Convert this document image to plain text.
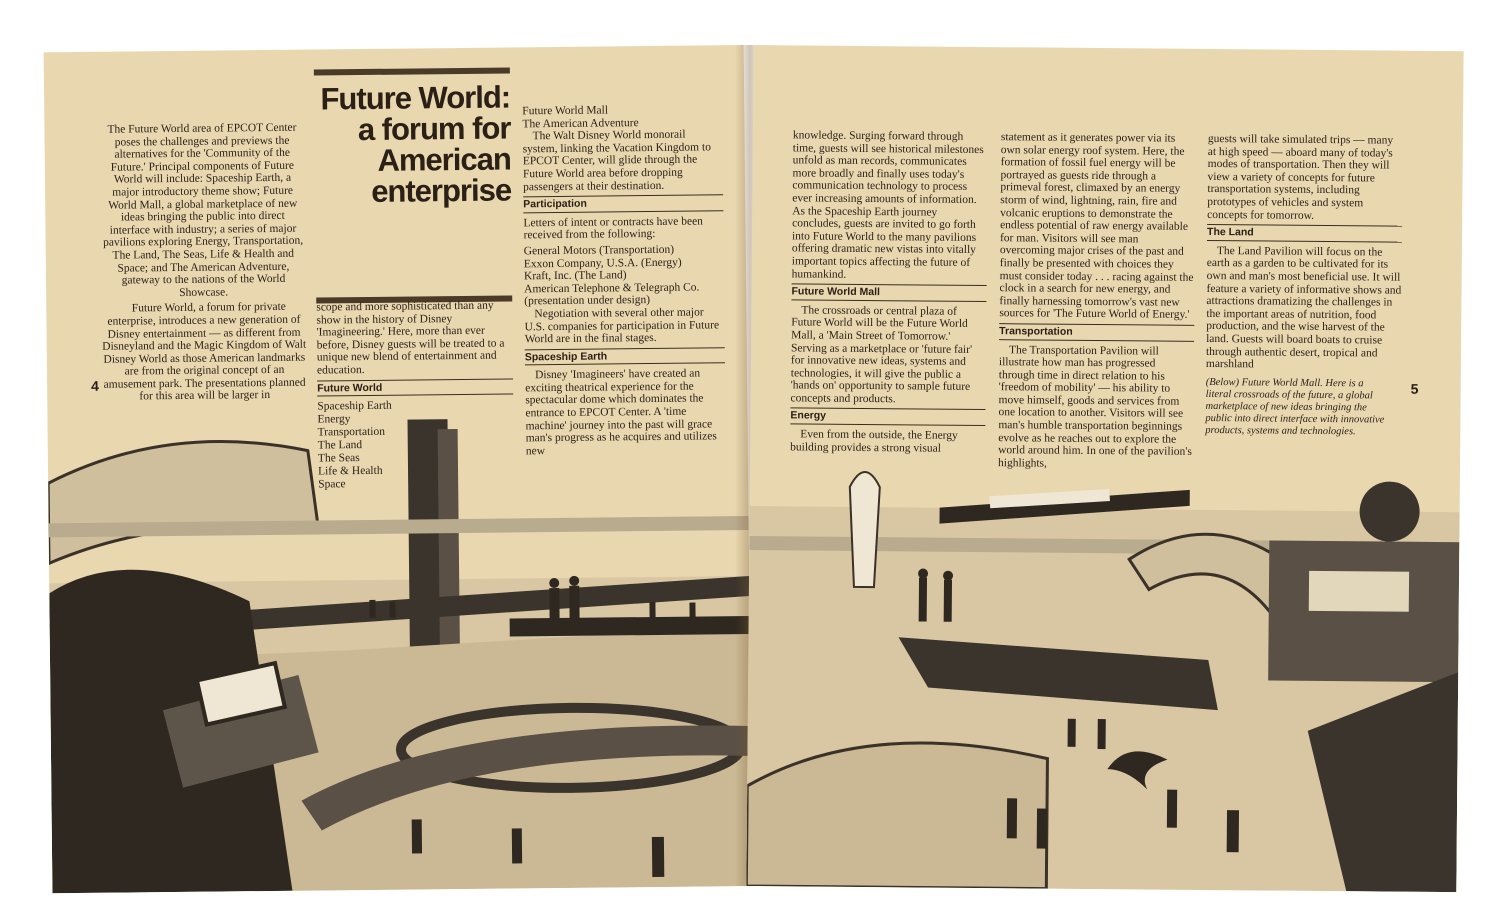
The Future World area of EPCOT Center poses the challenges and previews the alternatives for the 'Community of the Future.' Principal components of Future World will include: Spaceship Earth, a major introductory theme show; Future World Mall, a global marketplace of new ideas bringing the public into direct interface with industry; a series of major pavilions exploring Energy, Transportation, The Land, The Seas, Life & Health and Space; and The American Adventure, gateway to the nations of the World Showcase.

Future World, a forum for private enterprise, introduces a new generation of Disney entertainment — as different from Disneyland and the Magic Kingdom of Walt Disney World as those American landmarks are from the original concept of an amusement park. The presentations planned for this area will be larger in

Future World: a forum for American enterprise

scope and more sophisticated than any show in the history of Disney 'Imagineering.' Here, more than ever before, Disney guests will be treated to a unique new blend of entertainment and education.

Future World
Spaceship Earth
Energy
Transportation
The Land
The Seas
Life & Health
Space
Future World Mall
The American Adventure

The Walt Disney World monorail system, linking the Vacation Kingdom to EPCOT Center, will glide through the Future World area before dropping passengers at their destination.

Participation

Letters of intent or contracts have been received from the following:

General Motors (Transportation)
Exxon Company, U.S.A. (Energy)
Kraft, Inc. (The Land)
American Telephone & Telegraph Co. (presentation under design)

Negotiation with several other major U.S. companies for participation in Future World are in the final stages.

Spaceship Earth

Disney 'Imagineers' have created an exciting theatrical experience for the spectacular dome which dominates the entrance to EPCOT Center. A 'time machine' journey into the past will grace man's progress as he acquires and utilizes new

4

knowledge. Surging forward through time, guests will see historical milestones unfold as man records, communicates more broadly and finally uses today's communication technology to process ever increasing amounts of information. As the Spaceship Earth journey concludes, guests are invited to go forth into Future World to the many pavilions offering dramatic new vistas into vitally important topics affecting the future of humankind.

Future World Mall

The crossroads or central plaza of Future World will be the Future World Mall, a 'Main Street of Tomorrow.' Serving as a marketplace or 'future fair' for innovative new ideas, systems and technologies, it will give the public a 'hands on' opportunity to sample future concepts and products.

Energy

Even from the outside, the Energy building provides a strong visual

statement as it generates power via its own solar energy roof system. Here, the formation of fossil fuel energy will be portrayed as guests ride through a primeval forest, climaxed by an energy storm of wind, lightning, rain, fire and volcanic eruptions to demonstrate the endless potential of raw energy available for man. Visitors will see man overcoming major crises of the past and finally be presented with choices they must consider today . . . racing against the clock in a search for new energy, and finally harnessing tomorrow's vast new sources for 'The Future World of Energy.'

Transportation

The Transportation Pavilion will illustrate how man has progressed through time in direct relation to his 'freedom of mobility' — his ability to move himself, goods and services from one location to another. Visitors will see man's humble transportation beginnings evolve as he reaches out to explore the world around him. In one of the pavilion's highlights,

guests will take simulated trips — many at high speed — aboard many of today's modes of transportation. Then they will view a variety of concepts for future transportation systems, including prototypes of vehicles and system concepts for tomorrow.

The Land

The Land Pavilion will focus on the earth as a garden to be cultivated for its own and man's most beneficial use. It will feature a variety of informative shows and attractions dramatizing the challenges in the important areas of nutrition, food production, and the wise harvest of the land. Guests will board boats to cruise through authentic desert, tropical and marshland

(Below) Future World Mall. Here is a literal crossroads of the future, a global marketplace of new ideas bringing the public into direct interface with innovative products, systems and technologies.
5
